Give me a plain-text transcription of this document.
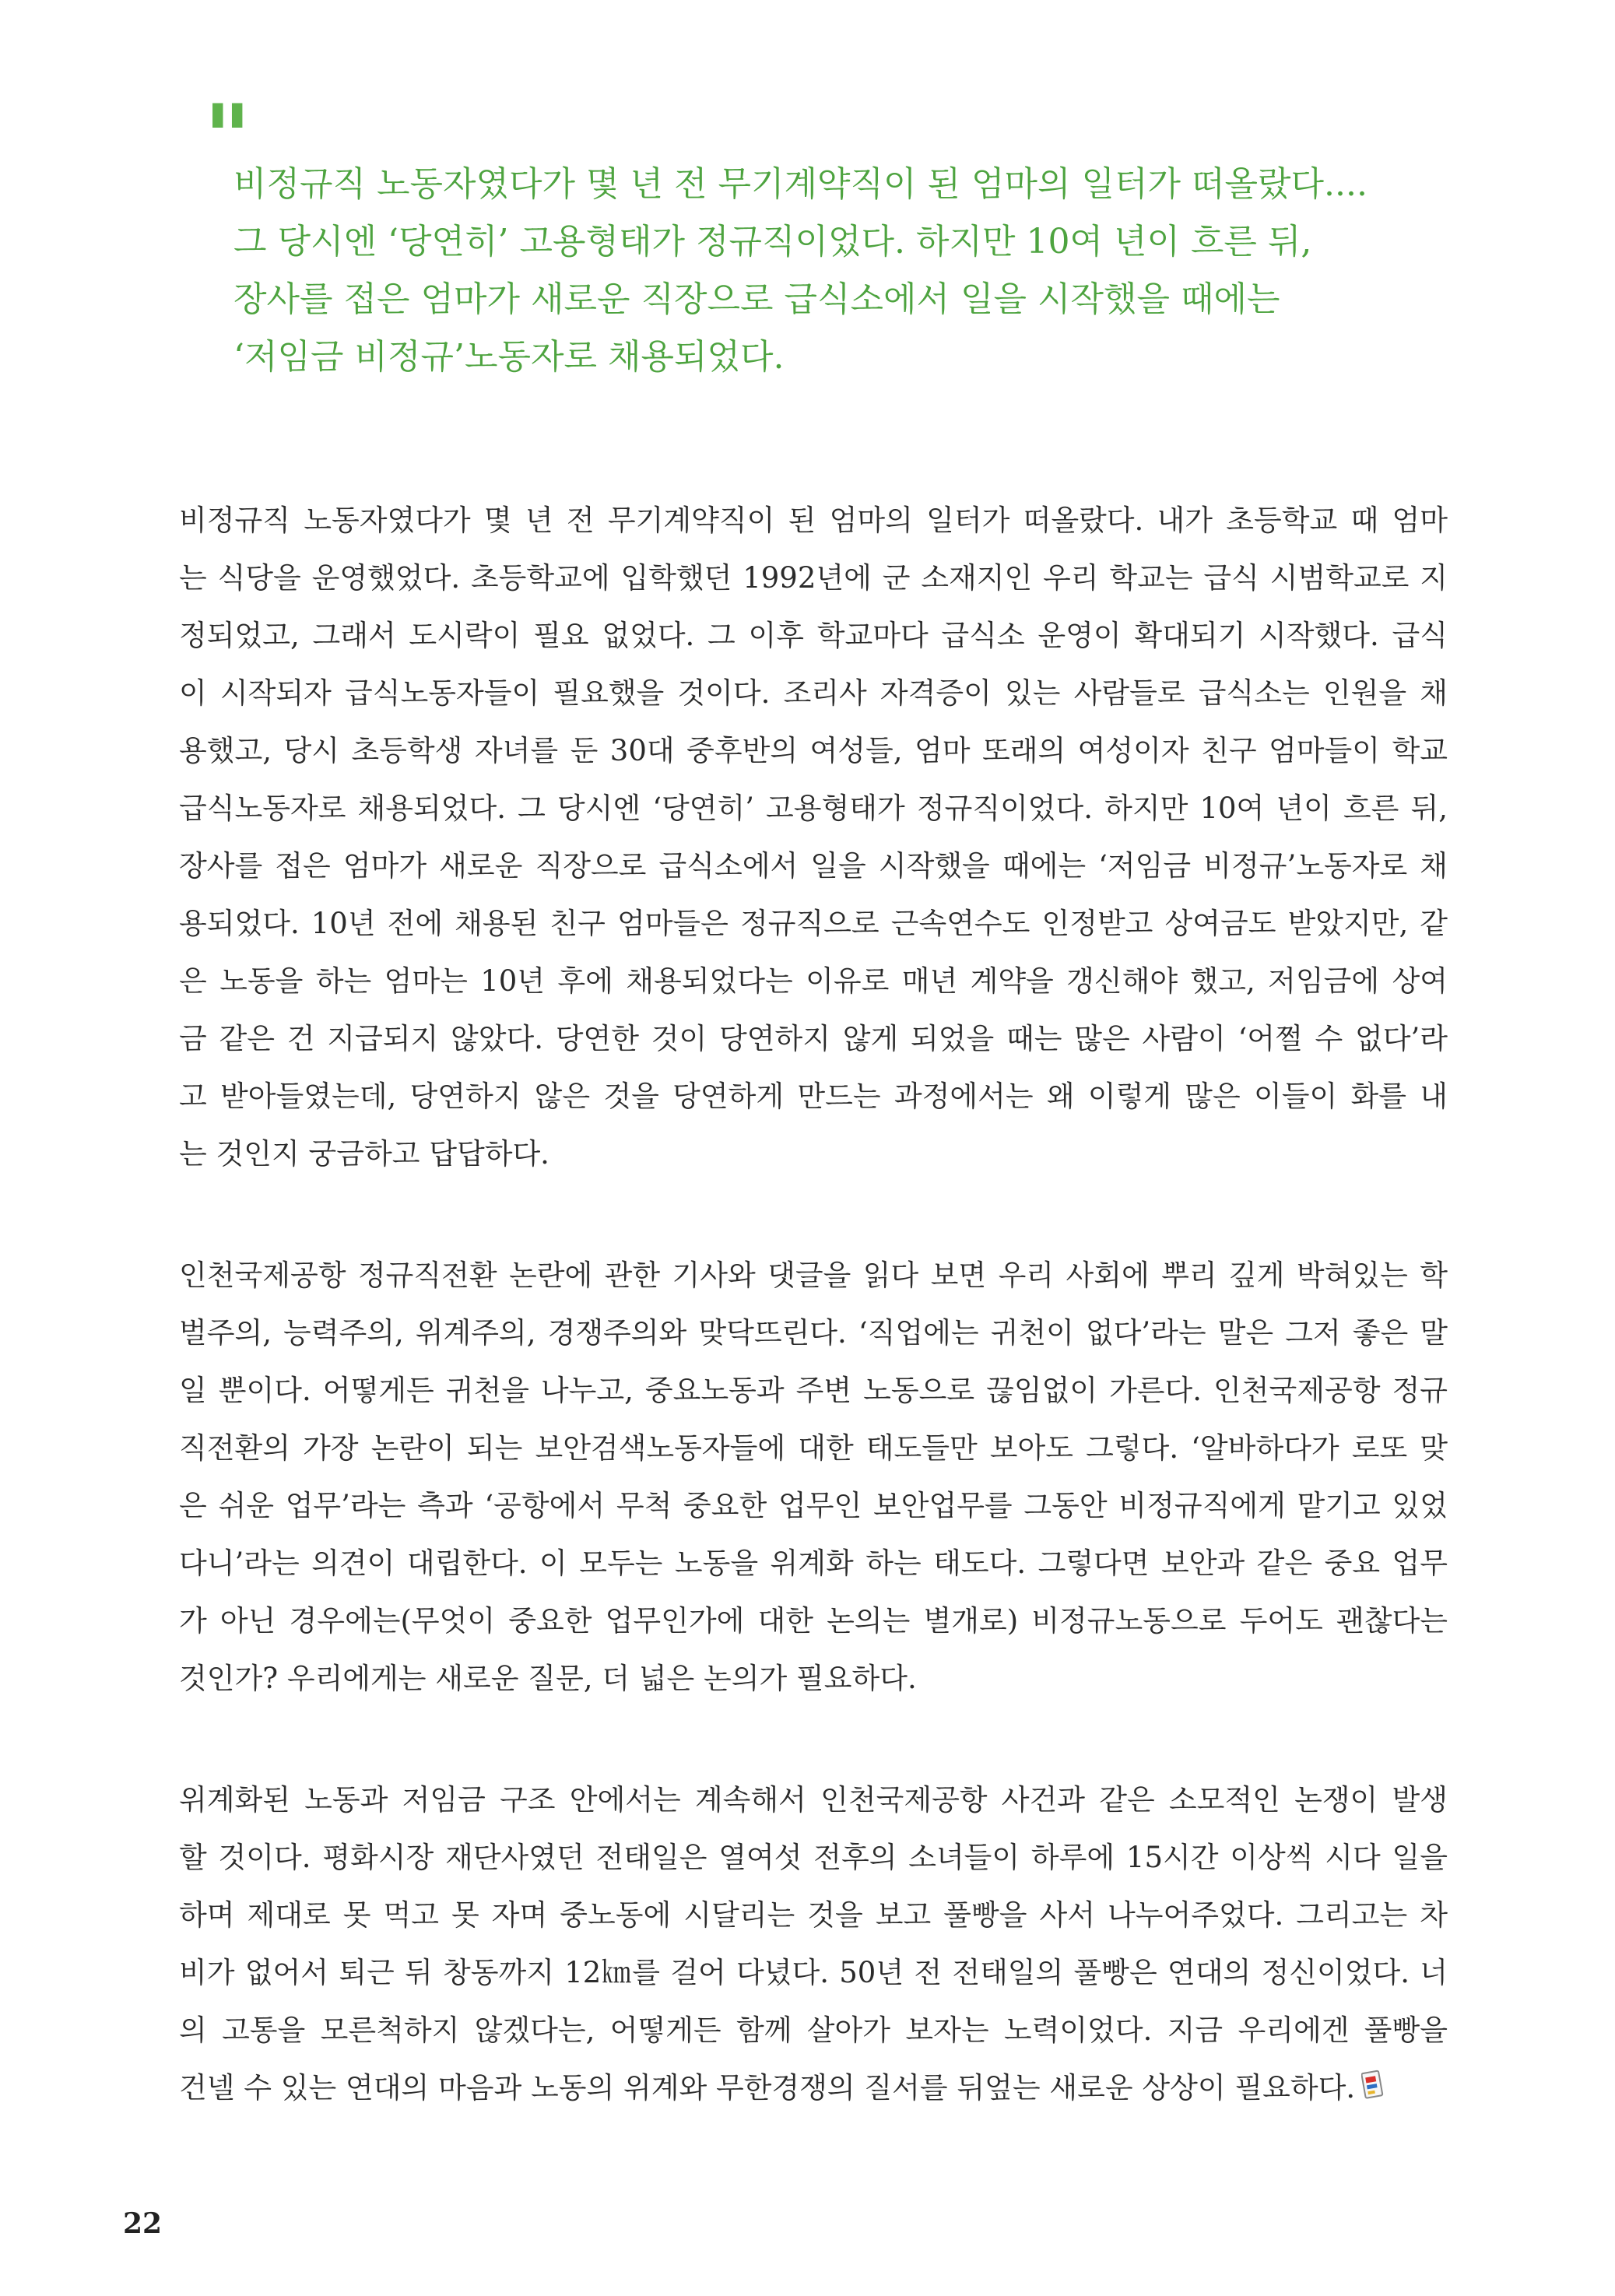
"
비정규직 노동자였다가 몇 년 전 무기계약직이 된 엄마의 일터가 떠올랐다....
그 당시엔 ‘당연히’ 고용형태가 정규직이었다. 하지만 10여 년이 흐른 뒤,
장사를 접은 엄마가 새로운 직장으로 급식소에서 일을 시작했을 때에는
‘저임금 비정규’노동자로 채용되었다.
비정규직 노동자였다가 몇 년 전 무기계약직이 된 엄마의 일터가 떠올랐다. 내가 초등학교 때 엄마
는 식당을 운영했었다. 초등학교에 입학했던 1992년에 군 소재지인 우리 학교는 급식 시범학교로 지
정되었고, 그래서 도시락이 필요 없었다. 그 이후 학교마다 급식소 운영이 확대되기 시작했다. 급식
이 시작되자 급식노동자들이 필요했을 것이다. 조리사 자격증이 있는 사람들로 급식소는 인원을 채
용했고, 당시 초등학생 자녀를 둔 30대 중후반의 여성들, 엄마 또래의 여성이자 친구 엄마들이 학교
급식노동자로 채용되었다. 그 당시엔 ‘당연히’ 고용형태가 정규직이었다. 하지만 10여 년이 흐른 뒤,
장사를 접은 엄마가 새로운 직장으로 급식소에서 일을 시작했을 때에는 ‘저임금 비정규’노동자로 채
용되었다. 10년 전에 채용된 친구 엄마들은 정규직으로 근속연수도 인정받고 상여금도 받았지만, 같
은 노동을 하는 엄마는 10년 후에 채용되었다는 이유로 매년 계약을 갱신해야 했고, 저임금에 상여
금 같은 건 지급되지 않았다. 당연한 것이 당연하지 않게 되었을 때는 많은 사람이 ‘어쩔 수 없다’라
고 받아들였는데, 당연하지 않은 것을 당연하게 만드는 과정에서는 왜 이렇게 많은 이들이 화를 내
는 것인지 궁금하고 답답하다.
인천국제공항 정규직전환 논란에 관한 기사와 댓글을 읽다 보면 우리 사회에 뿌리 깊게 박혀있는 학
벌주의, 능력주의, 위계주의, 경쟁주의와 맞닥뜨린다. ‘직업에는 귀천이 없다’라는 말은 그저 좋은 말
일 뿐이다. 어떻게든 귀천을 나누고, 중요노동과 주변 노동으로 끊임없이 가른다. 인천국제공항 정규
직전환의 가장 논란이 되는 보안검색노동자들에 대한 태도들만 보아도 그렇다. ‘알바하다가 로또 맞
은 쉬운 업무’라는 측과 ‘공항에서 무척 중요한 업무인 보안업무를 그동안 비정규직에게 맡기고 있었
다니’라는 의견이 대립한다. 이 모두는 노동을 위계화 하는 태도다. 그렇다면 보안과 같은 중요 업무
가 아닌 경우에는(무엇이 중요한 업무인가에 대한 논의는 별개로) 비정규노동으로 두어도 괜찮다는
것인가? 우리에게는 새로운 질문, 더 넓은 논의가 필요하다.
위계화된 노동과 저임금 구조 안에서는 계속해서 인천국제공항 사건과 같은 소모적인 논쟁이 발생
할 것이다. 평화시장 재단사였던 전태일은 열여섯 전후의 소녀들이 하루에 15시간 이상씩 시다 일을
하며 제대로 못 먹고 못 자며 중노동에 시달리는 것을 보고 풀빵을 사서 나누어주었다. 그리고는 차
비가 없어서 퇴근 뒤 창동까지 12㎞를 걸어 다녔다. 50년 전 전태일의 풀빵은 연대의 정신이었다. 너
의 고통을 모른척하지 않겠다는, 어떻게든 함께 살아가 보자는 노력이었다. 지금 우리에겐 풀빵을
건넬 수 있는 연대의 마음과 노동의 위계와 무한경쟁의 질서를 뒤엎는 새로운 상상이 필요하다.
22
